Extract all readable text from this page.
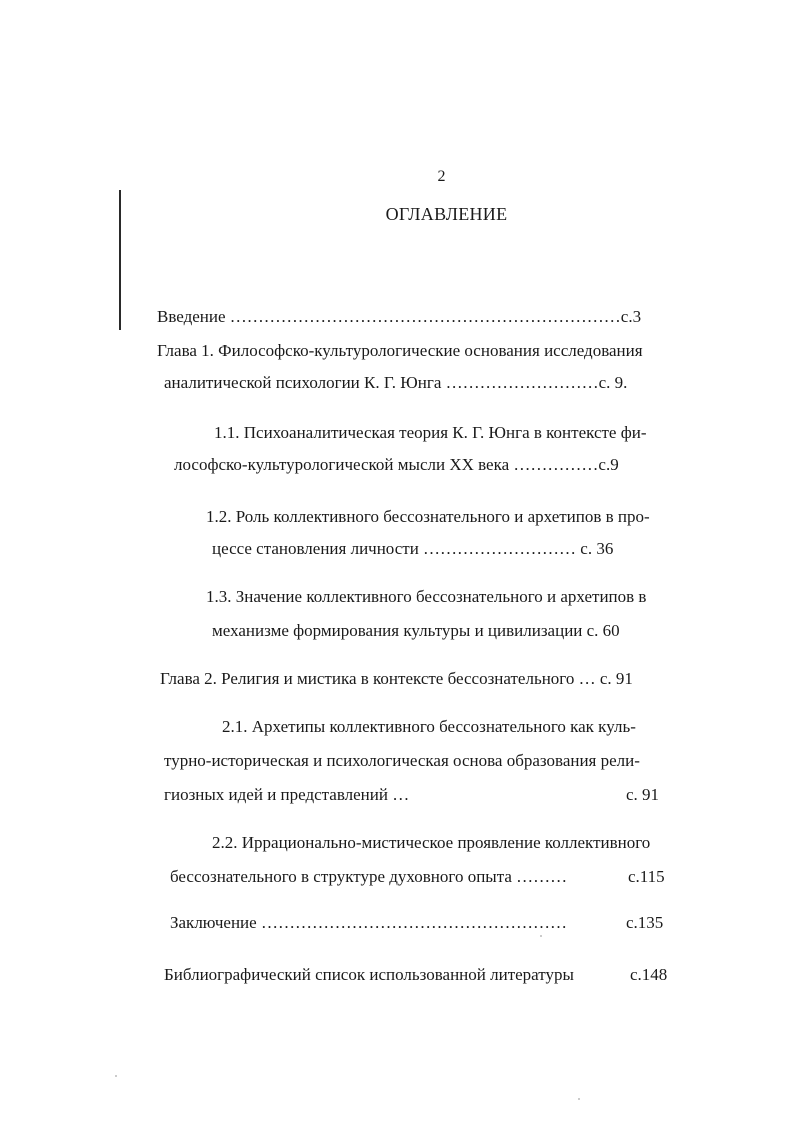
2
ОГЛАВЛЕНИЕ
Введение ……………………………………………………………с.3
Глава 1. Философско-культурологические основания исследования
аналитической психологии К. Г. Юнга ………………………с. 9.
1.1. Психоаналитическая теория К. Г. Юнга в контексте фи-
лософско-культурологической мысли XX века ……………с.9
1.2. Роль коллективного бессознательного и архетипов в про-
цессе становления личности ……………………… с. 36
1.3. Значение коллективного бессознательного и архетипов в
механизме формирования культуры и цивилизации с. 60
Глава 2. Религия и мистика в контексте бессознательного … с. 91
2.1. Архетипы коллективного бессознательного как куль-
турно-историческая и психологическая основа образования рели-
гиозных идей и представлений …	с. 91
2.2. Иррационально-мистическое проявление коллективного
бессознательного в структуре духовного опыта ………	с.115
Заключение ………………………………………………	с.135
Библиографический список использованной литературы	с.148
